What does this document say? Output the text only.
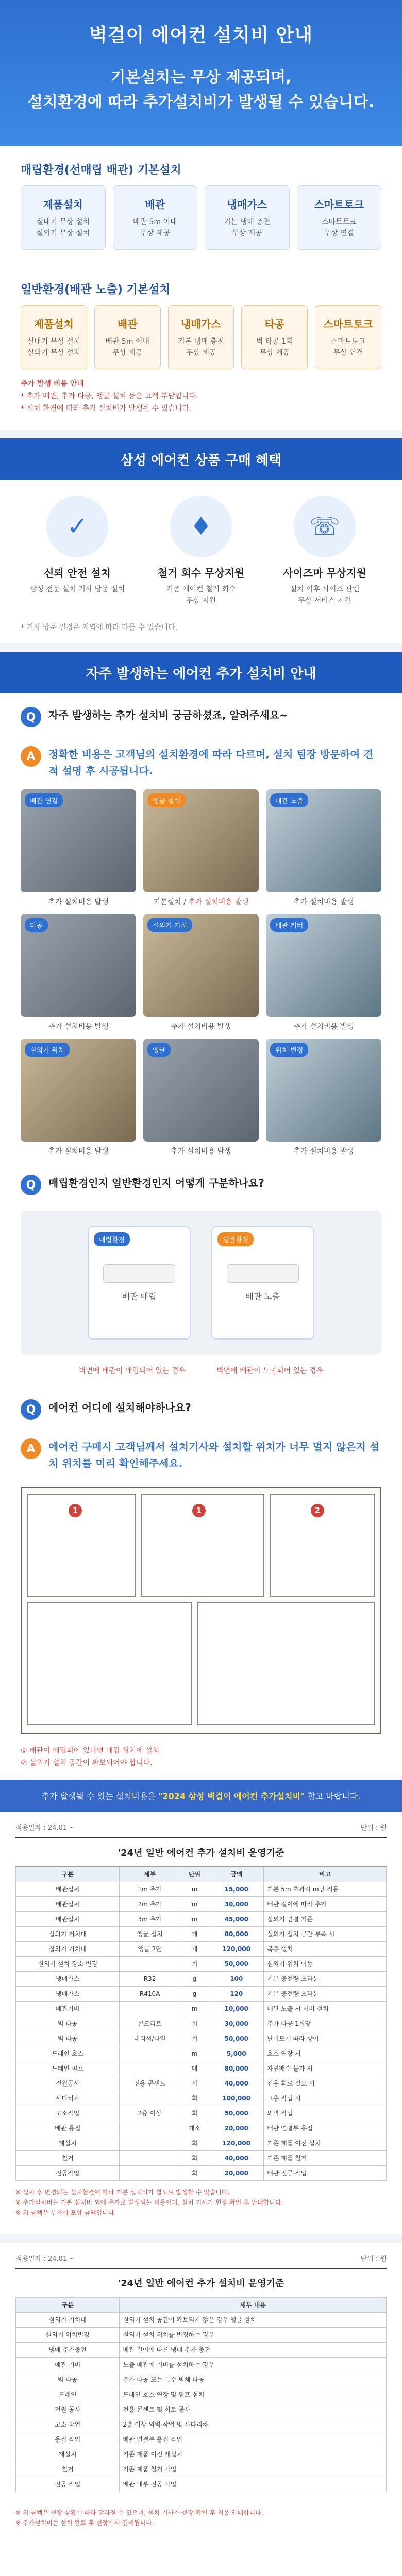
벽걸이 에어컨 설치비 안내
기본설치는 무상 제공되며,
설치환경에 따라 추가설치비가 발생될 수 있습니다.
매립환경(선매립 배관) 기본설치
제품설치
실내기 무상 설치
실외기 무상 설치
배관
배관 5m 이내
무상 제공
냉매가스
기본 냉매 충전
무상 제공
스마트토크
스마트토크
무상 연결
일반환경(배관 노출) 기본설치
제품설치
실내기 무상 설치
실외기 무상 설치
배관
배관 5m 이내
무상 제공
냉매가스
기본 냉매 충전
무상 제공
타공
벽 타공 1회
무상 제공
스마트토크
스마트토크
무상 연결
추가 발생 비용 안내
* 추가 배관, 추가 타공, 앵글 설치 등은 고객 부담입니다.
* 설치 환경에 따라 추가 설치비가 발생될 수 있습니다.
삼성 에어컨 상품 구매 혜택
✓
신뢰 안전 설치
삼성 전문 설치 기사 방문 설치
♦
철거 회수 무상지원
기존 에어컨 철거 회수
무상 지원
☏
사이즈마 무상지원
설치 이후 사이즈 관련
무상 서비스 지원
* 기사 방문 일정은 지역에 따라 다를 수 있습니다.
자주 발생하는 에어컨 추가 설치비 안내
Q	자주 발생하는 추가 설치비 궁금하셨죠, 알려주세요~
A	정확한 비용은 고객님의 설치환경에 따라 다르며, 설치 팀장 방문하여 견적 설명 후 시공됩니다.
배관 연결
추가 설치비용 발생
앵글 설치
기본설치 / 추가 설치비용 발생
배관 노출
추가 설치비용 발생
타공
추가 설치비용 발생
실외기 거치
추가 설치비용 발생
배관 커버
추가 설치비용 발생
실외기 위치
추가 설치비용 발생
앵글
추가 설치비용 발생
위치 변경
추가 설치비용 발생
Q	매립환경인지 일반환경인지 어떻게 구분하나요?
매립환경
배관 매립
일반환경
배관 노출
벽면에 배관이 매립되어 있는 경우	벽면에 배관이 노출되어 있는 경우
Q	에어컨 어디에 설치해야하나요?
A	에어컨 구매시 고객님께서 설치기사와 설치할 위치가 너무 멀지 않은지 설치 위치를 미리 확인해주세요.
1	1	2
① 배관이 매립되어 있다면 매립 위치에 설치
② 실외기 설치 공간이 확보되어야 합니다.
추가 발생될 수 있는 설치비용은 "2024 삼성 벽걸이 에어컨 추가설치비" 참고 바랍니다.
적용일자 : 24.01 ~	단위 : 원
'24년 일반 에어컨 추가 설치비 운영기준
구분	세부	단위	금액	비고
배관설치	1m 추가	m	15,000	기본 5m 초과시 m당 적용
배관설치	2m 추가	m	30,000	배관 길이에 따라 추가
배관설치	3m 추가	m	45,000	실외기 연결 기준
실외기 거치대	앵글 설치	개	80,000	실외기 설치 공간 부족 시
실외기 거치대	앵글 2단	개	120,000	복층 설치
실외기 설치 장소 변경		회	50,000	실외기 위치 이동
냉매가스	R32	g	100	기본 충전량 초과분
냉매가스	R410A	g	120	기본 충전량 초과분
배관커버		m	10,000	배관 노출 시 커버 설치
벽 타공	콘크리트	회	30,000	추가 타공 1회당
벽 타공	대리석/타일	회	50,000	난이도에 따라 상이
드레인 호스		m	5,000	호스 연장 시
드레인 펌프		대	80,000	자연배수 불가 시
전원공사	전용 콘센트	식	40,000	전용 회로 필요 시
사다리차		회	100,000	고층 작업 시
고소작업	2층 이상	회	50,000	외벽 작업
배관 용접		개소	20,000	배관 연결부 용접
재설치		회	120,000	기존 제품 이전 설치
철거		회	40,000	기존 제품 철거
진공작업		회	20,000	배관 진공 작업
※ 설치 후 변경되는 설치환경에 따라 기본 설치비가 별도로 발생할 수 있습니다.
※ 추가설치비는 기본 설치비 외에 추가로 발생되는 비용이며, 설치 기사가 현장 확인 후 안내합니다.
※ 위 금액은 부가세 포함 금액입니다.
적용일자 : 24.01 ~	단위 : 원
'24년 일반 에어컨 추가 설치비 운영기준
구분	세부 내용
실외기 거치대	실외기 설치 공간이 확보되지 않은 경우 앵글 설치
실외기 위치변경	실외기 설치 위치를 변경하는 경우
냉매 추가충전	배관 길이에 따른 냉매 추가 충전
배관 커버	노출 배관에 커버를 설치하는 경우
벽 타공	추가 타공 또는 특수 벽체 타공
드레인	드레인 호스 연장 및 펌프 설치
전원 공사	전용 콘센트 및 회로 공사
고소 작업	2층 이상 외벽 작업 및 사다리차
용접 작업	배관 연결부 용접 작업
재설치	기존 제품 이전 재설치
철거	기존 제품 철거 작업
진공 작업	배관 내부 진공 작업
※ 위 금액은 현장 상황에 따라 달라질 수 있으며, 설치 기사가 현장 확인 후 최종 안내합니다.
※ 추가설치비는 설치 완료 후 현장에서 결제됩니다.
